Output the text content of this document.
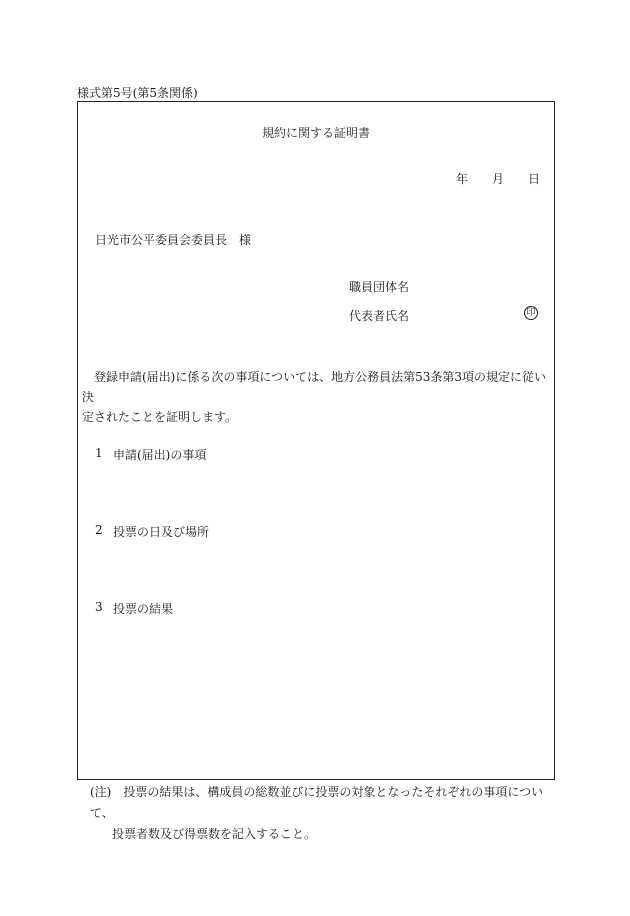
様式第5号(第5条関係)
規約に関する証明書
年 月 日
日光市公平委員会委員長　様
職員団体名
代表者氏名	印
　登録申請(届出)に係る次の事項については、地方公務員法第53条第3項の規定に従い決
定されたことを証明します。
1 申請(届出)の事項
2 投票の日及び場所
3 投票の結果
(注)　投票の結果は、構成員の総数並びに投票の対象となったそれぞれの事項について、
投票者数及び得票数を記入すること。
